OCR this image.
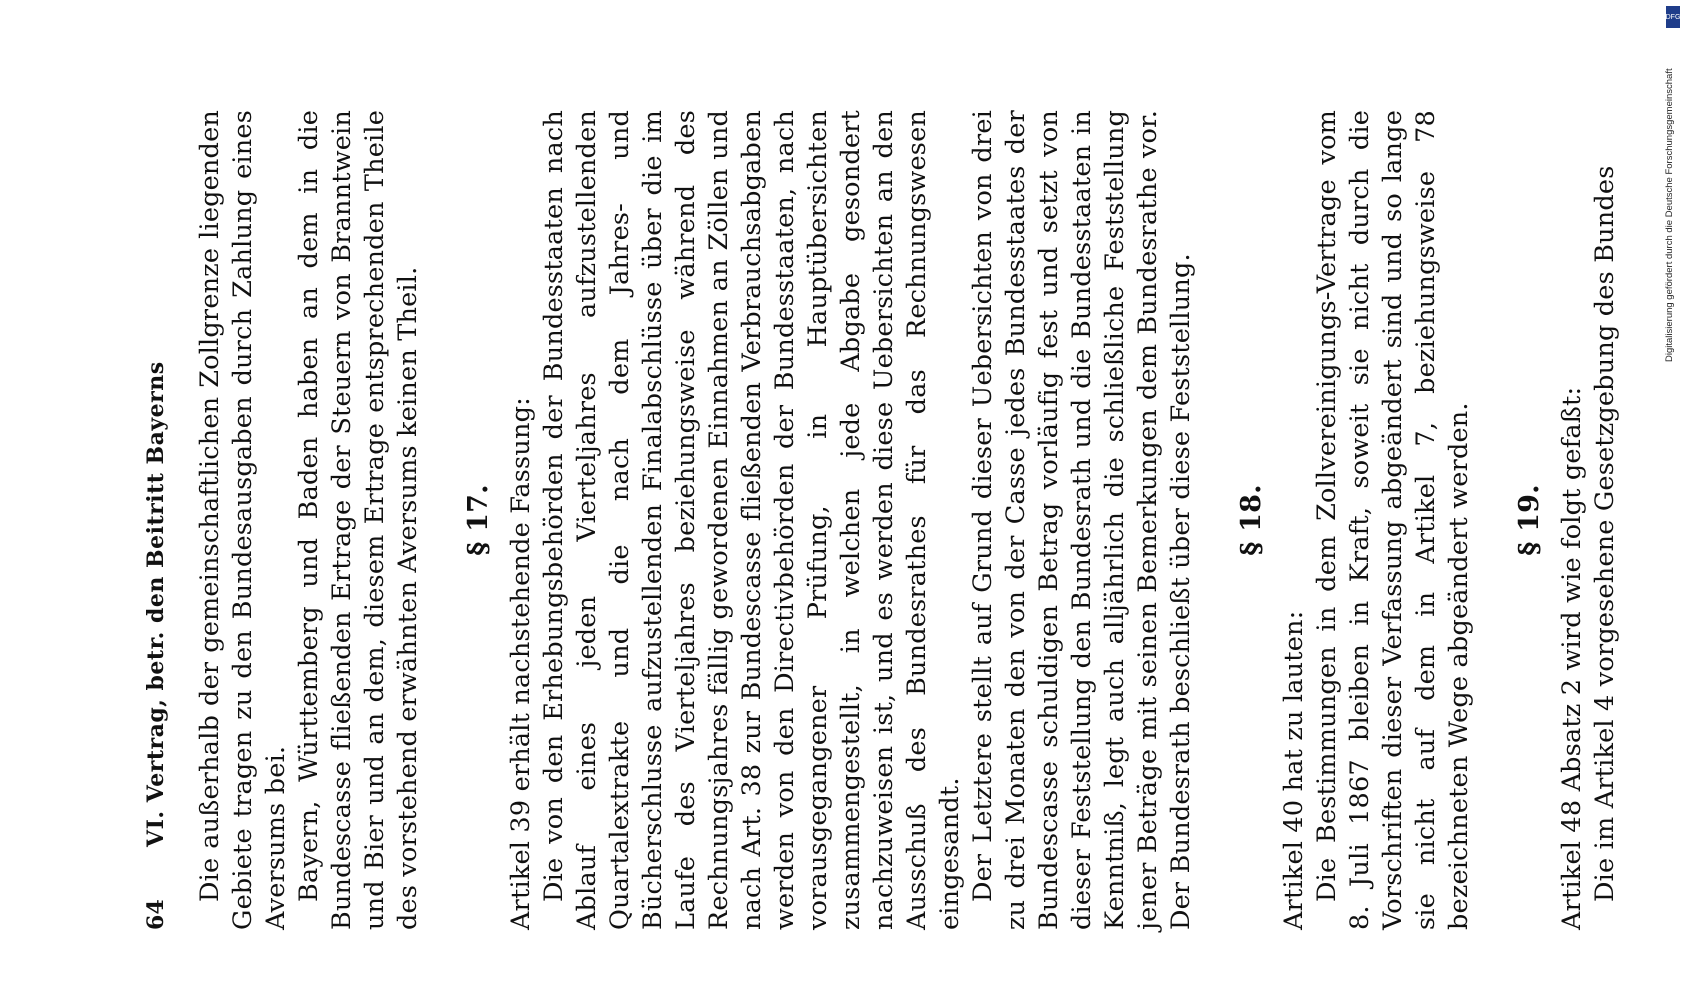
64
VI. Vertrag, betr. den Beitritt Bayerns Die außerhalb der gemeinschaftlichen Zollgrenze liegenden Gebiete tragen zu den Bundesausgaben durch Zahlung eines Aversums bei. Bayern, Württemberg und Baden haben an dem in die Bundescasse fließenden Ertrage der Steuern von Branntwein und Bier und an dem, diesem Ertrage entsprechenden Theile des vorstehend erwähnten Aversums keinen Theil. § 17. Artikel 39 erhält nachstehende Fassung: Die von den Erhebungsbehörden der Bundesstaaten nach Ablauf eines jeden Vierteljahres aufzustellenden Quartalextrakte und die nach dem Jahres- und Bücherschlusse aufzustellenden Finalabschlüsse über die im Laufe des Vierteljahres beziehungsweise während des Rechnungsjahres fällig gewordenen Einnahmen an Zöllen und nach Art. 38 zur Bundescasse fließenden Verbrauchsabgaben werden von den Directivbehörden der Bundesstaaten, nach vorausgegangener Prüfung, in Hauptübersichten zusammengestellt, in welchen jede Abgabe gesondert nachzuweisen ist, und es werden diese Uebersichten an den Ausschuß des Bundesrathes für das Rechnungswesen eingesandt. Der Letztere stellt auf Grund dieser Uebersichten von drei zu drei Monaten den von der Casse jedes Bundesstaates der Bundescasse schuldigen Betrag vorläufig fest und setzt von dieser Feststellung den Bundesrath und die Bundesstaaten in Kenntniß, legt auch alljährlich die schließliche Feststellung jener Beträge mit seinen Bemerkungen dem Bundesrathe vor. Der Bundesrath beschließt über diese Feststellung. § 18.

Artikel 40 hat zu lauten: Die Bestimmungen in dem Zollvereinigungs-Vertrage vom 8. Juli 1867 bleiben in Kraft, soweit sie nicht durch die Vorschriften dieser Verfassung abgeändert sind und so lange sie nicht auf dem in Artikel 7, beziehungsweise 78 bezeichneten Wege abgeändert werden. § 19. Artikel 48 Absatz 2 wird wie folgt gefaßt: Die im Artikel 4 vorgesehene Gesetzgebung des Bundes	Digitalisierung gefördert durch die Deutsche Forschungsgemeinschaft
DFG
